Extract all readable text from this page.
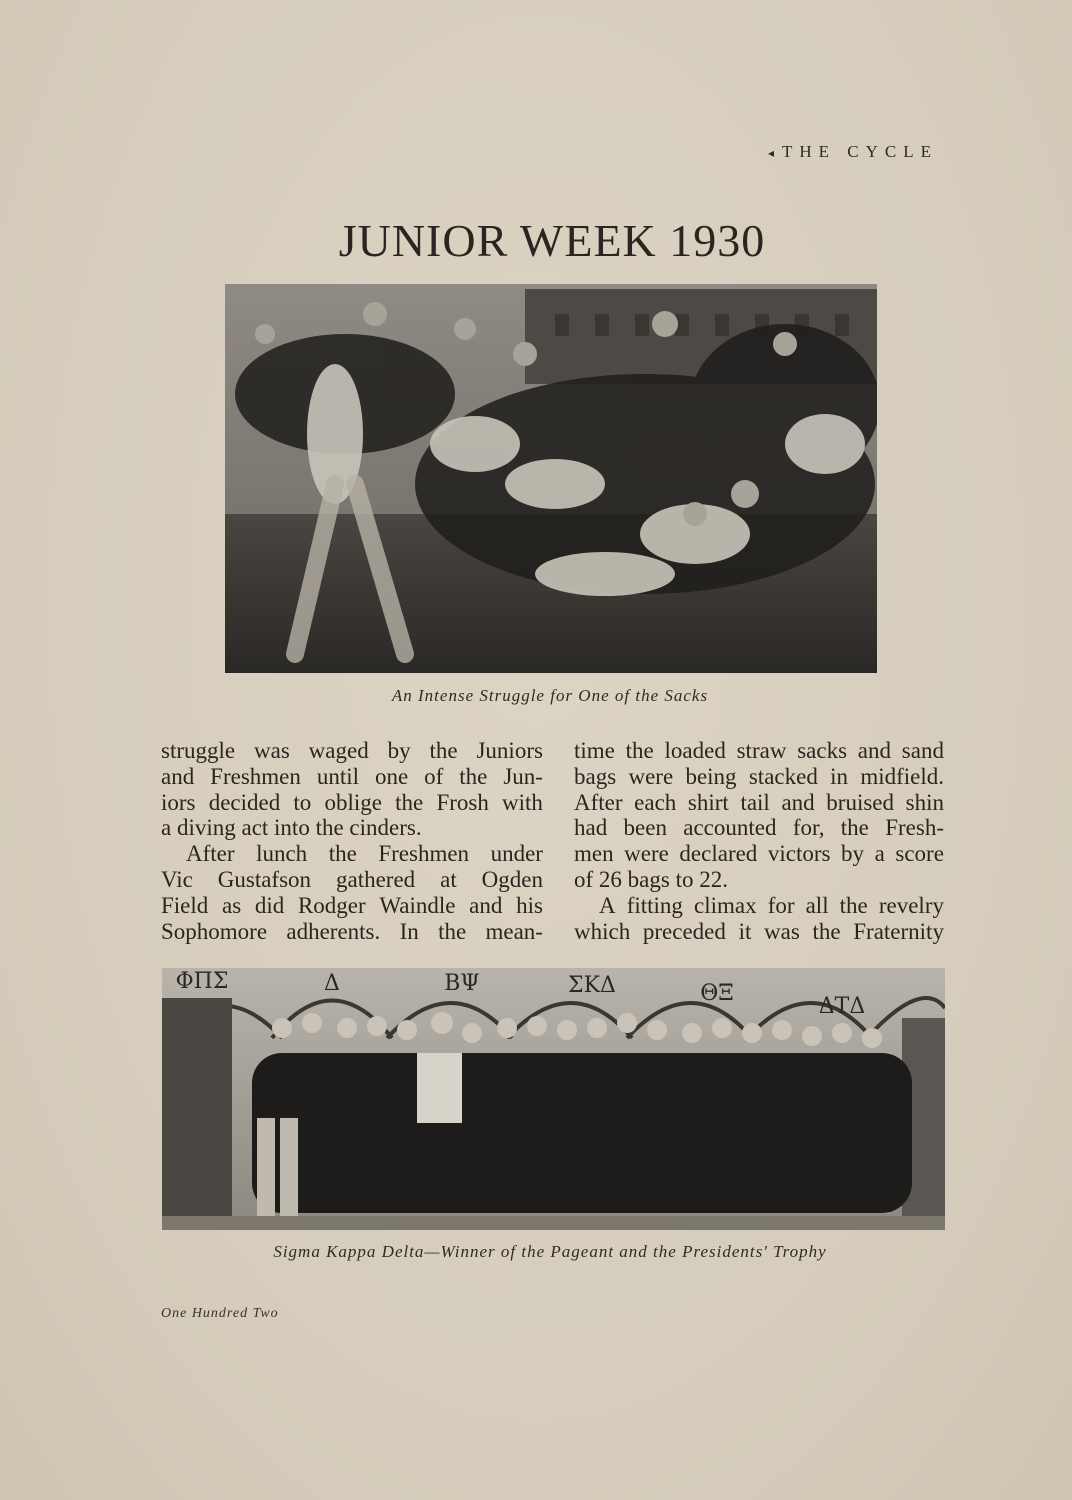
◂ THE CYCLE
JUNIOR WEEK 1930
An Intense Struggle for One of the Sacks
struggle was waged by the Juniors
and Freshmen until one of the Jun-
iors decided to oblige the Frosh with
a diving act into the cinders.
After lunch the Freshmen under
Vic Gustafson gathered at Ogden
Field as did Rodger Waindle and his
Sophomore adherents. In the mean-
time the loaded straw sacks and sand
bags were being stacked in midfield.
After each shirt tail and bruised shin
had been accounted for, the Fresh-
men were declared victors by a score
of 26 bags to 22.
A fitting climax for all the revelry
which preceded it was the Fraternity
ΦΠΣ	Δ	ΒΨ	ΣΚΔ	ΘΞ
ΔΤΔ
Sigma Kappa Delta—Winner of the Pageant and the Presidents' Trophy
One Hundred Two
